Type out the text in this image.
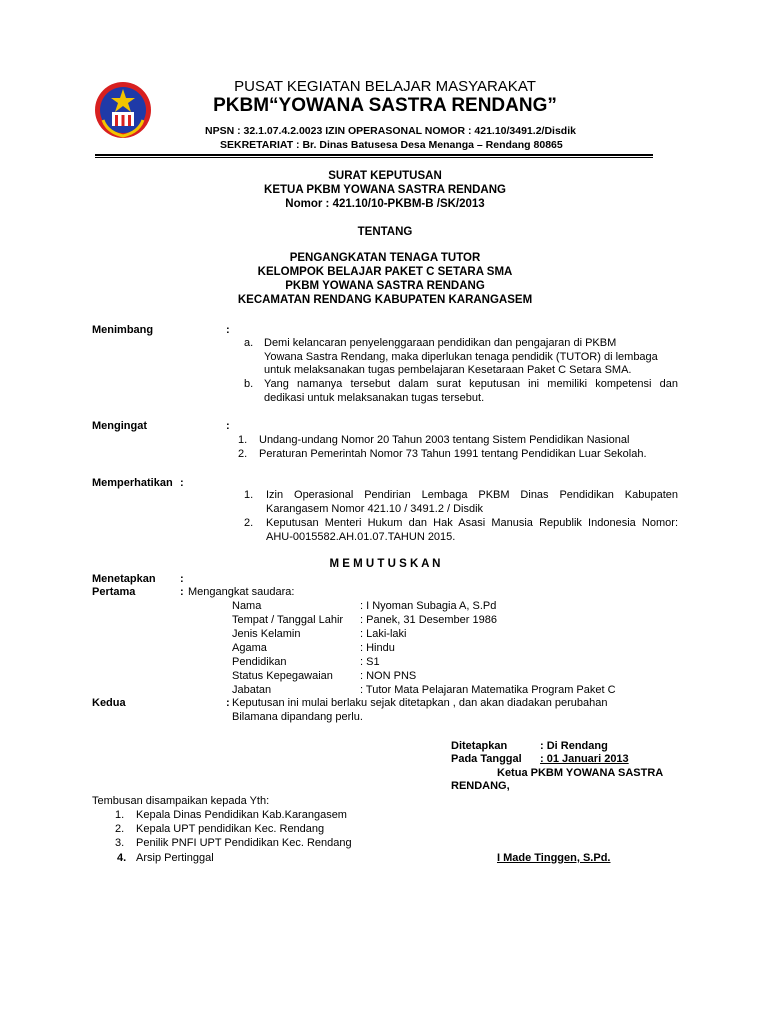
PUSAT KEGIATAN BELAJAR MASYARAKAT
PKBM“YOWANA SASTRA RENDANG”
NPSN : 32.1.07.4.2.0023 IZIN OPERASONAL NOMOR : 421.10/3491.2/Disdik
SEKRETARIAT : Br. Dinas Batusesa Desa Menanga – Rendang 80865
SURAT KEPUTUSAN
KETUA PKBM YOWANA SASTRA RENDANG
Nomor : 421.10/10-PKBM-B /SK/2013
TENTANG
PENGANGKATAN TENAGA TUTOR
KELOMPOK BELAJAR PAKET C SETARA SMA
PKBM YOWANA SASTRA RENDANG
KECAMATAN RENDANG KABUPATEN KARANGASEM
Menimbang	:
a. Demi kelancaran penyelenggaraan pendidikan dan pengajaran di PKBM
Yowana Sastra Rendang, maka diperlukan tenaga pendidik (TUTOR) di lembaga
untuk melaksanakan tugas pembelajaran Kesetaraan Paket C Setara SMA.
b. Yang namanya tersebut dalam surat keputusan ini memiliki kompetensi dan
dedikasi untuk melaksanakan tugas tersebut.
Mengingat	:
1. Undang-undang Nomor 20 Tahun 2003 tentang Sistem Pendidikan Nasional
2. Peraturan Pemerintah Nomor 73 Tahun 1991 tentang Pendidikan Luar Sekolah.
Memperhatikan :
1. Izin Operasional Pendirian Lembaga PKBM Dinas Pendidikan Kabupaten
Karangasem Nomor 421.10 / 3491.2 / Disdik
2. Keputusan Menteri Hukum dan Hak Asasi Manusia Republik Indonesia Nomor:
AHU-0015582.AH.01.07.TAHUN 2015.
M E M U T U S K A N
Menetapkan :
Pertama	: Mengangkat saudara:
Nama	: I Nyoman Subagia A, S.Pd
Tempat / Tanggal Lahir : Panek, 31 Desember 1986
Jenis Kelamin	: Laki-laki
Agama	: Hindu
Pendidikan	: S1
Status Kepegawaian : NON PNS
Jabatan	: Tutor Mata Pelajaran Matematika Program Paket C
Kedua	: Keputusan ini mulai berlaku sejak ditetapkan , dan akan diadakan perubahan
Bilamana dipandang perlu.
Ditetapkan	: Di Rendang
Pada Tanggal : 01 Januari 2013
Ketua PKBM YOWANA SASTRA
RENDANG,
I Made Tinggen, S.Pd.
Tembusan disampaikan kepada Yth:
1. Kepala Dinas Pendidikan Kab.Karangasem
2. Kepala UPT pendidikan Kec. Rendang
3. Penilik PNFI UPT Pendidikan Kec. Rendang
4. Arsip Pertinggal
